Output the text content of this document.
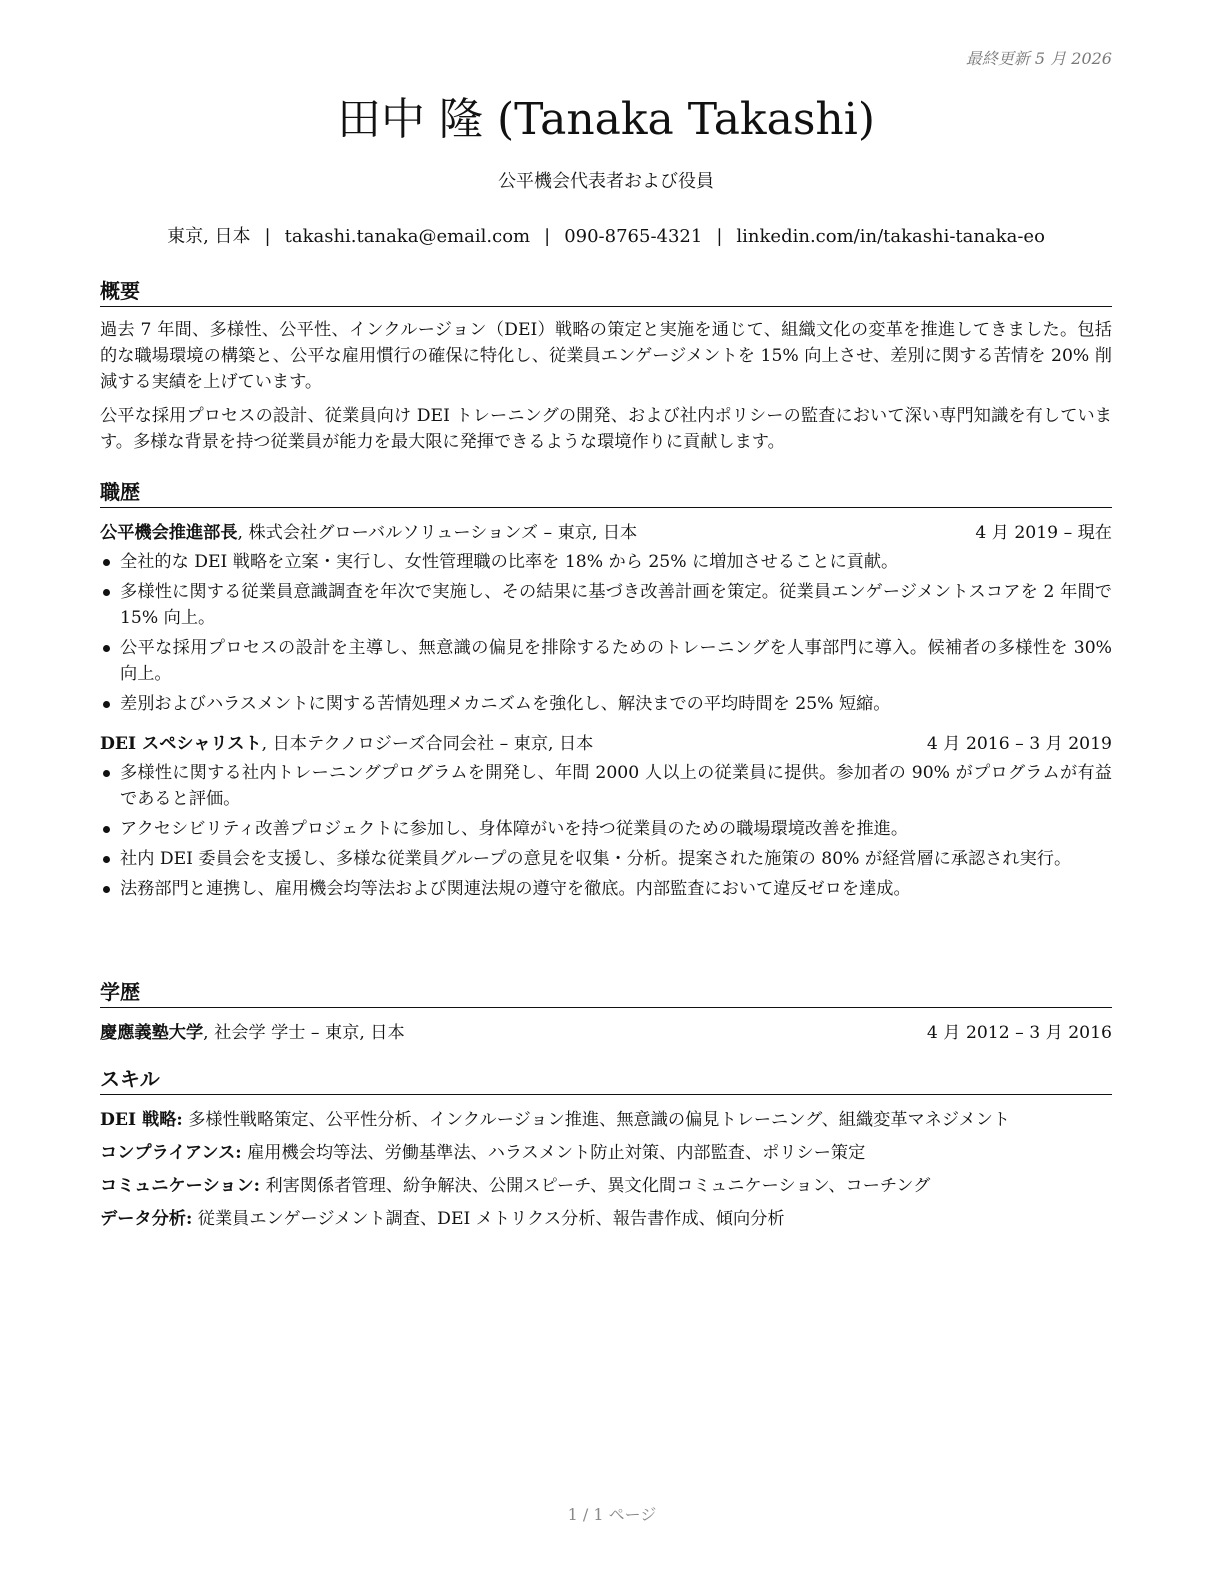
最終更新 5 月 2026
田中 隆 (Tanaka Takashi)
公平機会代表者および役員
東京, 日本 | takashi.tanaka@email.com | 090-8765-4321 | linkedin.com/in/takashi-tanaka-eo
概要

過去 7 年間、多様性、公平性、インクルージョン（DEI）戦略の策定と実施を通じて、組織文化の変革を推進してきました。包括的な職場環境の構築と、公平な雇用慣行の確保に特化し、従業員エンゲージメントを 15% 向上させ、差別に関する苦情を 20% 削減する実績を上げています。

公平な採用プロセスの設計、従業員向け DEI トレーニングの開発、および社内ポリシーの監査において深い専門知識を有しています。多様な背景を持つ従業員が能力を最大限に発揮できるような環境作りに貢献します。

職歴
公平機会推進部長, 株式会社グローバルソリューションズ – 東京, 日本	4 月 2019 – 現在
全社的な DEI 戦略を立案・実行し、女性管理職の比率を 18% から 25% に増加させることに貢献。
多様性に関する従業員意識調査を年次で実施し、その結果に基づき改善計画を策定。従業員エンゲージメントスコアを 2 年間で 15% 向上。
公平な採用プロセスの設計を主導し、無意識の偏見を排除するためのトレーニングを人事部門に導入。候補者の多様性を 30% 向上。
差別およびハラスメントに関する苦情処理メカニズムを強化し、解決までの平均時間を 25% 短縮。
DEI スペシャリスト, 日本テクノロジーズ合同会社 – 東京, 日本	4 月 2016 – 3 月 2019
多様性に関する社内トレーニングプログラムを開発し、年間 2000 人以上の従業員に提供。参加者の 90% がプログラムが有益であると評価。
アクセシビリティ改善プロジェクトに参加し、身体障がいを持つ従業員のための職場環境改善を推進。
社内 DEI 委員会を支援し、多様な従業員グループの意見を収集・分析。提案された施策の 80% が経営層に承認され実行。
法務部門と連携し、雇用機会均等法および関連法規の遵守を徹底。内部監査において違反ゼロを達成。
学歴
慶應義塾大学, 社会学 学士 – 東京, 日本	4 月 2012 – 3 月 2016
スキル
DEI 戦略: 多様性戦略策定、公平性分析、インクルージョン推進、無意識の偏見トレーニング、組織変革マネジメント
コンプライアンス: 雇用機会均等法、労働基準法、ハラスメント防止対策、内部監査、ポリシー策定
コミュニケーション: 利害関係者管理、紛争解決、公開スピーチ、異文化間コミュニケーション、コーチング
データ分析: 従業員エンゲージメント調査、DEI メトリクス分析、報告書作成、傾向分析
1 / 1 ページ
